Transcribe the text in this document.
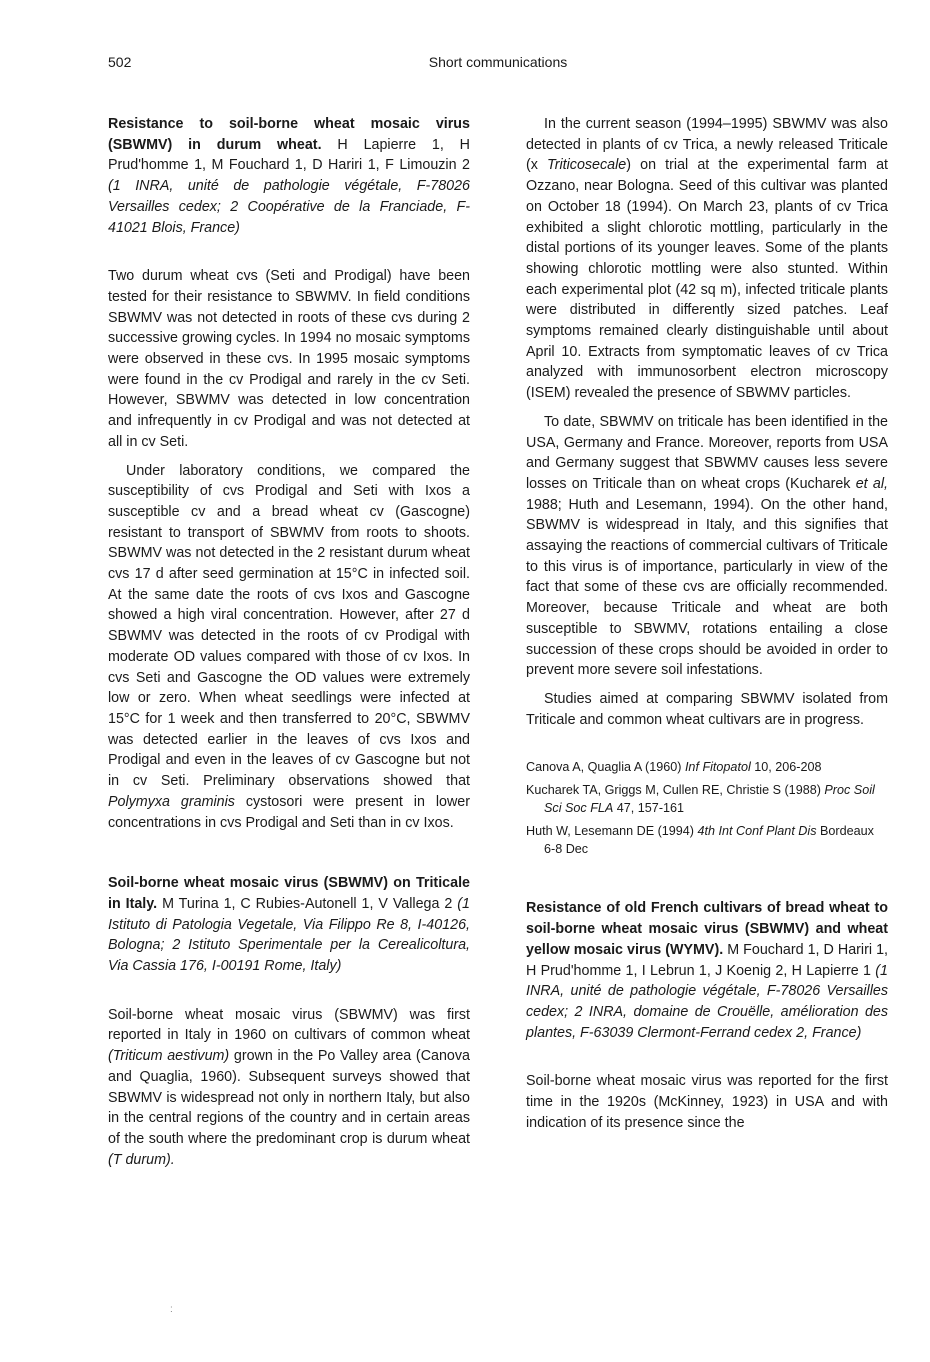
502	Short communications

Resistance to soil-borne wheat mosaic virus (SBWMV) in durum wheat. H Lapierre 1, H Prud'homme 1, M Fouchard 1, D Hariri 1, F Limouzin 2 (1 INRA, unité de pathologie végétale, F-78026 Versailles cedex; 2 Coopérative de la Franciade, F-41021 Blois, France)

Two durum wheat cvs (Seti and Prodigal) have been tested for their resistance to SBWMV. In field conditions SBWMV was not detected in roots of these cvs during 2 successive growing cycles. In 1994 no mosaic symptoms were observed in these cvs. In 1995 mosaic symptoms were found in the cv Prodigal and rarely in the cv Seti. However, SBWMV was detected in low concentration and infrequently in cv Prodigal and was not detected at all in cv Seti.

Under laboratory conditions, we compared the susceptibility of cvs Prodigal and Seti with Ixos a susceptible cv and a bread wheat cv (Gascogne) resistant to transport of SBWMV from roots to shoots. SBWMV was not detected in the 2 resistant durum wheat cvs 17 d after seed germination at 15°C in infected soil. At the same date the roots of cvs Ixos and Gascogne showed a high viral concentration. However, after 27 d SBWMV was detected in the roots of cv Prodigal with moderate OD values compared with those of cv Ixos. In cvs Seti and Gascogne the OD values were extremely low or zero. When wheat seedlings were infected at 15°C for 1 week and then transferred to 20°C, SBWMV was detected earlier in the leaves of cvs Ixos and Prodigal and even in the leaves of cv Gascogne but not in cv Seti. Preliminary observations showed that Polymyxa graminis cystosori were present in lower concentrations in cvs Prodigal and Seti than in cv Ixos.

Soil-borne wheat mosaic virus (SBWMV) on Triticale in Italy. M Turina 1, C Rubies-Autonell 1, V Vallega 2 (1 Istituto di Patologia Vegetale, Via Filippo Re 8, I-40126, Bologna; 2 Istituto Sperimentale per la Cerealicoltura, Via Cassia 176, I-00191 Rome, Italy)

Soil-borne wheat mosaic virus (SBWMV) was first reported in Italy in 1960 on cultivars of common wheat (Triticum aestivum) grown in the Po Valley area (Canova and Quaglia, 1960). Subsequent surveys showed that SBWMV is widespread not only in northern Italy, but also in the central regions of the country and in certain areas of the south where the predominant crop is durum wheat (T durum).

In the current season (1994–1995) SBWMV was also detected in plants of cv Trica, a newly released Triticale (x Triticosecale) on trial at the experimental farm at Ozzano, near Bologna. Seed of this cultivar was planted on October 18 (1994). On March 23, plants of cv Trica exhibited a slight chlorotic mottling, particularly in the distal portions of its younger leaves. Some of the plants showing chlorotic mottling were also stunted. Within each experimental plot (42 sq m), infected triticale plants were distributed in differently sized patches. Leaf symptoms remained clearly distinguishable until about April 10. Extracts from symptomatic leaves of cv Trica analyzed with immunosorbent electron microscopy (ISEM) revealed the presence of SBWMV particles.

To date, SBWMV on triticale has been identified in the USA, Germany and France. Moreover, reports from USA and Germany suggest that SBWMV causes less severe losses on Triticale than on wheat crops (Kucharek et al, 1988; Huth and Lesemann, 1994). On the other hand, SBWMV is widespread in Italy, and this signifies that assaying the reactions of commercial cultivars of Triticale to this virus is of importance, particularly in view of the fact that some of these cvs are officially recommended. Moreover, because Triticale and wheat are both susceptible to SBWMV, rotations entailing a close succession of these crops should be avoided in order to prevent more severe soil infestations.

Studies aimed at comparing SBWMV isolated from Triticale and common wheat cultivars are in progress.

Canova A, Quaglia A (1960) Inf Fitopatol 10, 206-208

Kucharek TA, Griggs M, Cullen RE, Christie S (1988) Proc Soil Sci Soc FLA 47, 157-161

Huth W, Lesemann DE (1994) 4th Int Conf Plant Dis Bordeaux 6-8 Dec

Resistance of old French cultivars of bread wheat to soil-borne wheat mosaic virus (SBWMV) and wheat yellow mosaic virus (WYMV). M Fouchard 1, D Hariri 1, H Prud'homme 1, I Lebrun 1, J Koenig 2, H Lapierre 1 (1 INRA, unité de pathologie végétale, F-78026 Versailles cedex; 2 INRA, domaine de Crouëlle, amélioration des plantes, F-63039 Clermont-Ferrand cedex 2, France)

Soil-borne wheat mosaic virus was reported for the first time in the 1920s (McKinney, 1923) in USA and with indication of its presence since the

:
